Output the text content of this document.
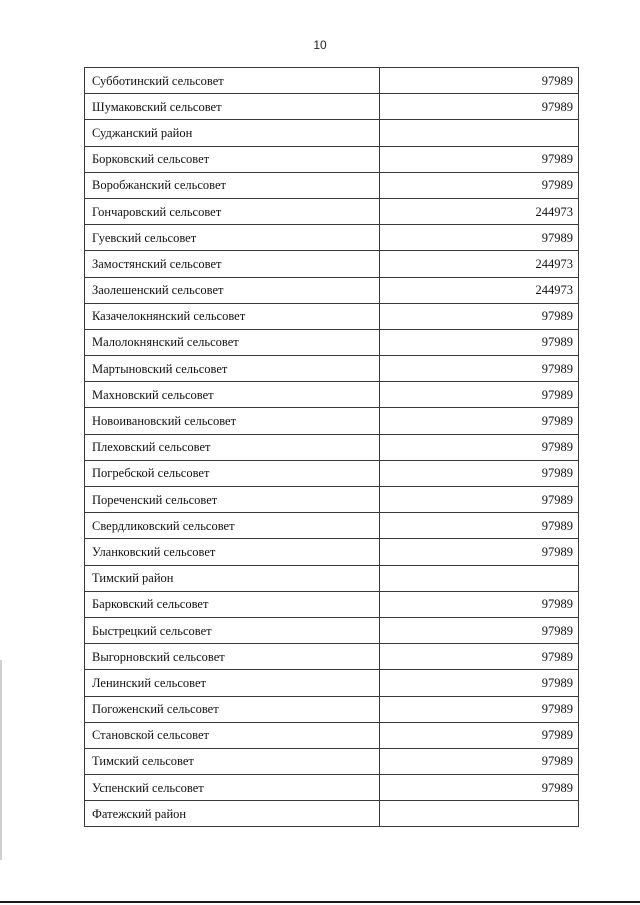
10
Субботинский сельсовет	97989
Шумаковский сельсовет	97989
Суджанский район	
Борковский сельсовет	97989
Воробжанский сельсовет	97989
Гончаровский сельсовет	244973
Гуевский сельсовет	97989
Замостянский сельсовет	244973
Заолешенский сельсовет	244973
Казачелокнянский сельсовет	97989
Малолокнянский сельсовет	97989
Мартыновский сельсовет	97989
Махновский сельсовет	97989
Новоивановский сельсовет	97989
Плеховский сельсовет	97989
Погребской сельсовет	97989
Пореченский сельсовет	97989
Свердликовский сельсовет	97989
Уланковский сельсовет	97989
Тимский район	
Барковский сельсовет	97989
Быстрецкий сельсовет	97989
Выгорновский сельсовет	97989
Ленинский сельсовет	97989
Погоженский сельсовет	97989
Становской сельсовет	97989
Тимский сельсовет	97989
Успенский сельсовет	97989
Фатежский район	
